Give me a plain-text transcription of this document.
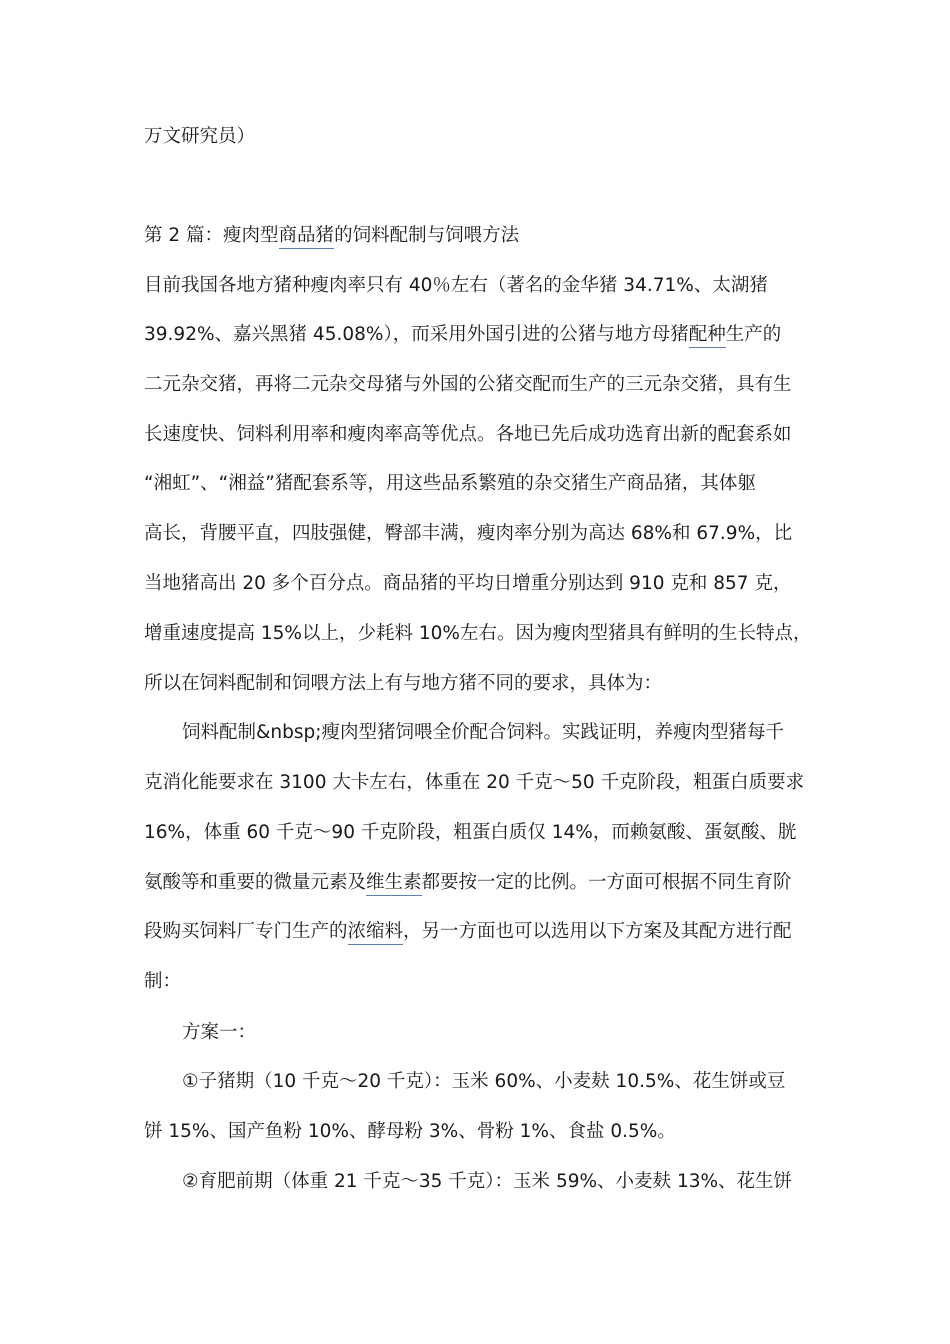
万文研究员）
第 2 篇：瘦肉型商品猪的饲料配制与饲喂方法
目前我国各地方猪种瘦肉率只有 40％左右（著名的金华猪 34.71%、太湖猪
39.92%、嘉兴黑猪 45.08%），而采用外国引进的公猪与地方母猪配种生产的
二元杂交猪，再将二元杂交母猪与外国的公猪交配而生产的三元杂交猪，具有生
长速度快、饲料利用率和瘦肉率高等优点。各地已先后成功选育出新的配套系如
“湘虹”、“湘益”猪配套系等，用这些品系繁殖的杂交猪生产商品猪，其体躯
高长，背腰平直，四肢强健，臀部丰满，瘦肉率分别为高达 68%和 67.9%，比
当地猪高出 20 多个百分点。商品猪的平均日增重分别达到 910 克和 857 克，
增重速度提高 15%以上，少耗料 10%左右。因为瘦肉型猪具有鲜明的生长特点，
所以在饲料配制和饲喂方法上有与地方猪不同的要求，具体为：
饲料配制&nbsp;瘦肉型猪饲喂全价配合饲料。实践证明，养瘦肉型猪每千
克消化能要求在 3100 大卡左右，体重在 20 千克～50 千克阶段，粗蛋白质要求
16%，体重 60 千克～90 千克阶段，粗蛋白质仅 14%，而赖氨酸、蛋氨酸、胱
氨酸等和重要的微量元素及维生素都要按一定的比例。一方面可根据不同生育阶
段购买饲料厂专门生产的浓缩料，另一方面也可以选用以下方案及其配方进行配
制：
方案一：
①子猪期（10 千克～20 千克）：玉米 60%、小麦麸 10.5%、花生饼或豆
饼 15%、国产鱼粉 10%、酵母粉 3%、骨粉 1%、食盐 0.5%。
②育肥前期（体重 21 千克～35 千克）：玉米 59%、小麦麸 13%、花生饼
